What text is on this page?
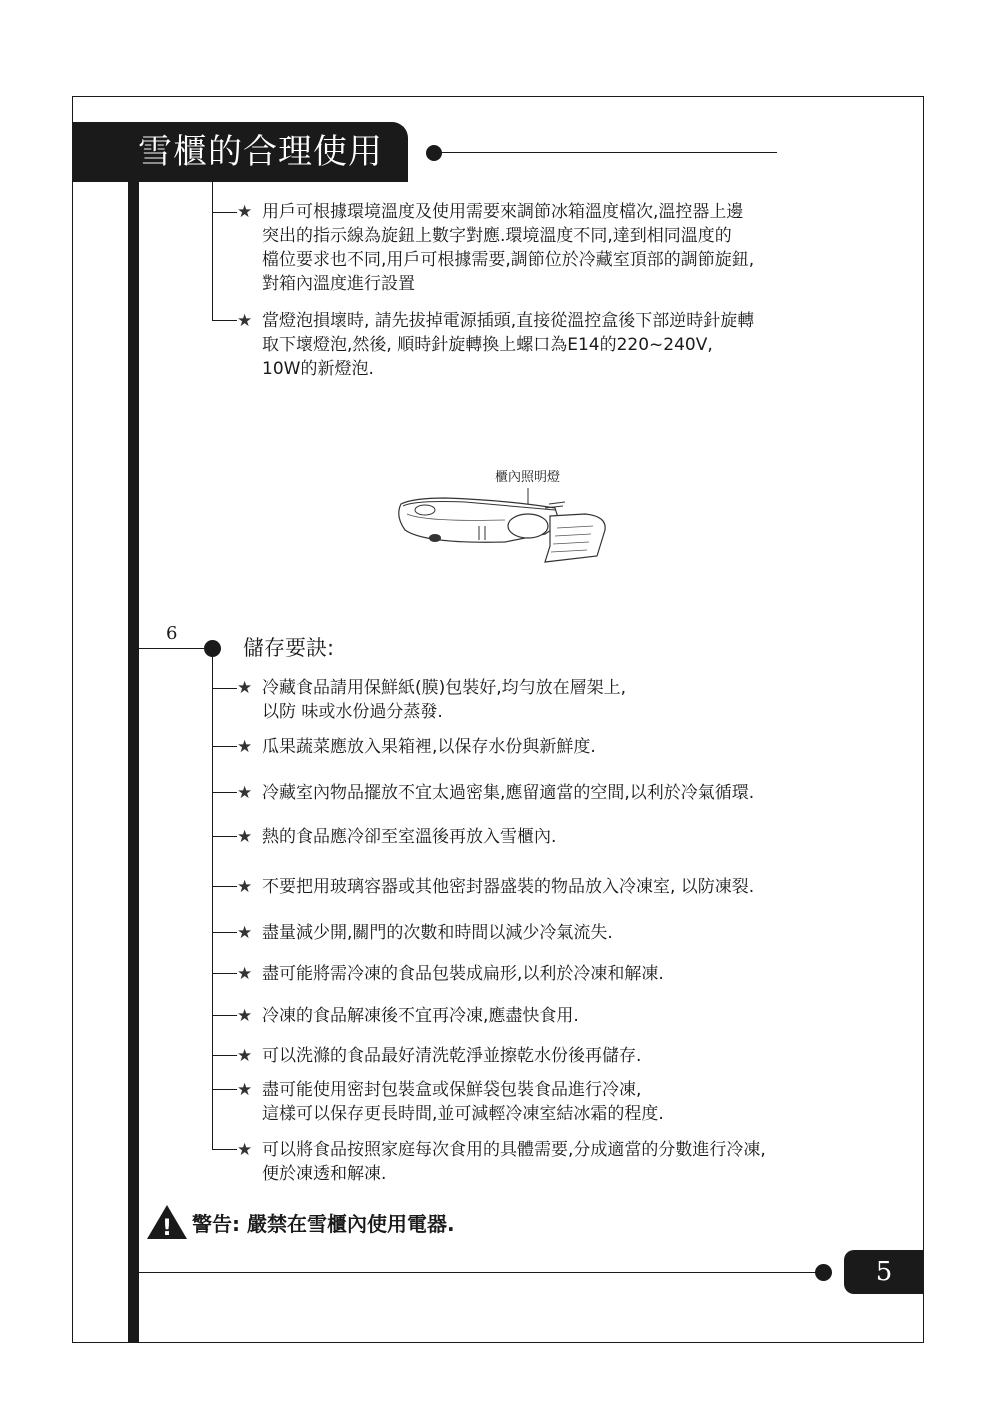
雪櫃的合理使用
★ 用戶可根據環境溫度及使用需要來調節冰箱溫度檔次,溫控器上邊
突出的指示線為旋鈕上數字對應.環境溫度不同,達到相同溫度的
檔位要求也不同,用戶可根據需要,調節位於冷藏室頂部的調節旋鈕,
對箱內溫度進行設置
★ 當燈泡損壞時, 請先拔掉電源插頭,直接從溫控盒後下部逆時針旋轉
取下壞燈泡,然後, 順時針旋轉換上螺口為E14的220~240V,
10W的新燈泡.
櫃內照明燈
6
儲存要訣:
★ 冷藏食品請用保鮮紙(膜)包裝好,均勻放在層架上,
以防 味或水份過分蒸發.
★ 瓜果蔬菜應放入果箱裡,以保存水份與新鮮度.
★ 冷藏室內物品擺放不宜太過密集,應留適當的空間,以利於冷氣循環.
★ 熱的食品應冷卻至室溫後再放入雪櫃內.
★ 不要把用玻璃容器或其他密封器盛裝的物品放入冷凍室, 以防凍裂.
★ 盡量減少開,關門的次數和時間以減少冷氣流失.
★ 盡可能將需冷凍的食品包裝成扁形,以利於冷凍和解凍.
★ 冷凍的食品解凍後不宜再冷凍,應盡快食用.
★ 可以洗滌的食品最好清洗乾淨並擦乾水份後再儲存.
★ 盡可能使用密封包裝盒或保鮮袋包裝食品進行冷凍,
這樣可以保存更長時間,並可減輕冷凍室結冰霜的程度.
★ 可以將食品按照家庭每次食用的具體需要,分成適當的分數進行冷凍,
便於凍透和解凍.
! 警告: 嚴禁在雪櫃內使用電器.
5
